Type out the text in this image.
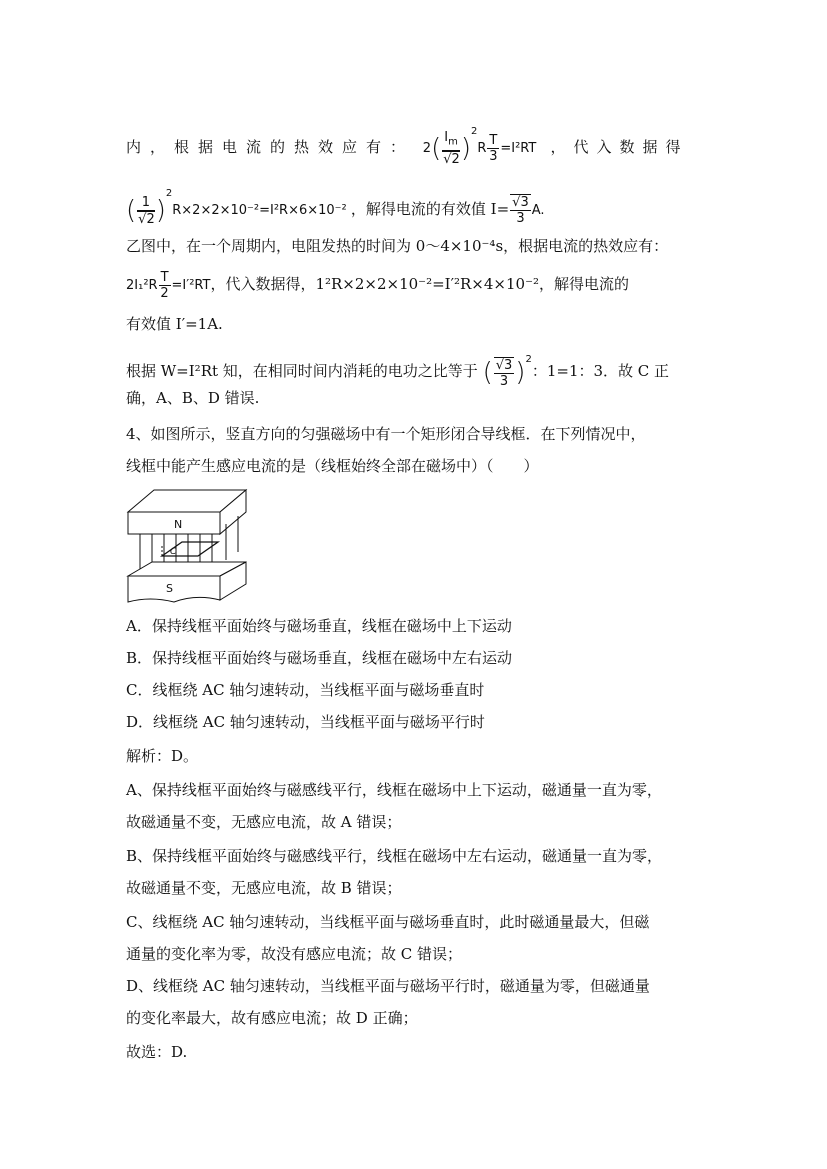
内，根据电流的热效应有： $2( \frac{I_m}{√2} )^2R \frac{T}{3} =I^2RT$ ，代入数据得
( $\frac{1}{√2} )^2R\times 2\times 2\times 10^{-2}=I^2R\times 6\times 10^{-2}$ ，解得电流的有效值 $I= \frac{√3}{3} A$.
乙图中，在一个周期内，电阻发热的时间为 0～4×10⁻⁴s，根据电流的热效应有：
$2I_1^2R \frac{T}{2} =I'^2RT$，代入数据得，1²R×2×2×10⁻²=I′²R×4×10⁻²，解得电流的
有效值 I′=1A.
根据 W=I²Rt 知，在相同时间内消耗的电功之比等于 ( $\frac{√3}{3} )^2$：1=1：3．故 C 正
确，A、B、D 错误.
4、如图所示，竖直方向的匀强磁场中有一个矩形闭合导线框．在下列情况中，
线框中能产生感应电流的是（线框始终全部在磁场中）（　　）
N
C
S
A．保持线框平面始终与磁场垂直，线框在磁场中上下运动
B．保持线框平面始终与磁场垂直，线框在磁场中左右运动
C．线框绕 AC 轴匀速转动，当线框平面与磁场垂直时
D．线框绕 AC 轴匀速转动，当线框平面与磁场平行时
解析：D。
A、保持线框平面始终与磁感线平行，线框在磁场中上下运动，磁通量一直为零，
故磁通量不变，无感应电流，故 A 错误；
B、保持线框平面始终与磁感线平行，线框在磁场中左右运动，磁通量一直为零，
故磁通量不变，无感应电流，故 B 错误；
C、线框绕 AC 轴匀速转动，当线框平面与磁场垂直时，此时磁通量最大，但磁
通量的变化率为零，故没有感应电流；故 C 错误；
D、线框绕 AC 轴匀速转动，当线框平面与磁场平行时，磁通量为零，但磁通量
的变化率最大，故有感应电流；故 D 正确；
故选：D.
